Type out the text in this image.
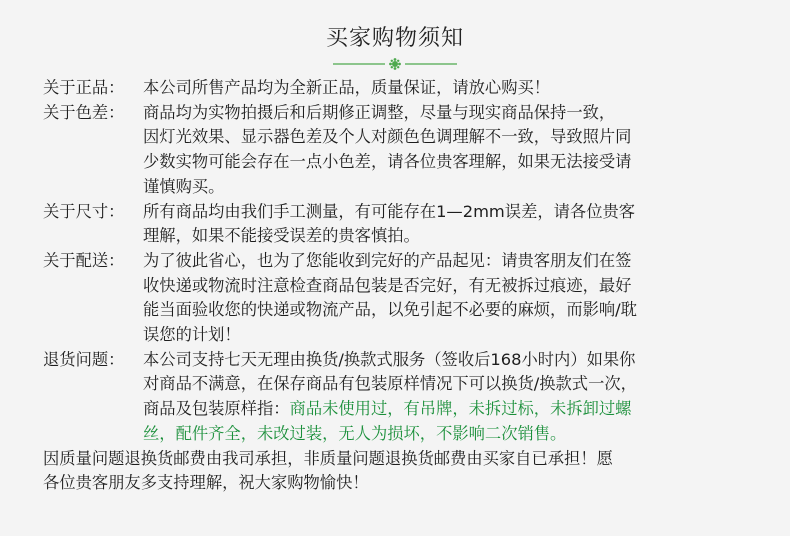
买家购物须知
关于正品：	本公司所售产品均为全新正品，质量保证，请放心购买！
关于色差：	商品均为实物拍摄后和后期修正调整，尽量与现实商品保持一致，
因灯光效果、显示器色差及个人对颜色色调理解不一致，导致照片同
少数实物可能会存在一点小色差，请各位贵客理解，如果无法接受请
谨慎购买。
关于尺寸：	所有商品均由我们手工测量，有可能存在1—2mm误差，请各位贵客
理解，如果不能接受误差的贵客慎拍。
关于配送：	为了彼此省心，也为了您能收到完好的产品起见：请贵客朋友们在签
收快递或物流时注意检查商品包装是否完好，有无被拆过痕迹，最好
能当面验收您的快递或物流产品，以免引起不必要的麻烦，而影响/耽
误您的计划！
退货问题：	本公司支持七天无理由换货/换款式服务（签收后168小时内）如果你
对商品不满意，在保存商品有包装原样情况下可以换货/换款式一次，
商品及包装原样指：商品未使用过，有吊牌，未拆过标，未拆卸过螺
丝，配件齐全，未改过装，无人为损坏，不影响二次销售。
因质量问题退换货邮费由我司承担，非质量问题退换货邮费由买家自已承担！愿
各位贵客朋友多支持理解，祝大家购物愉快！
